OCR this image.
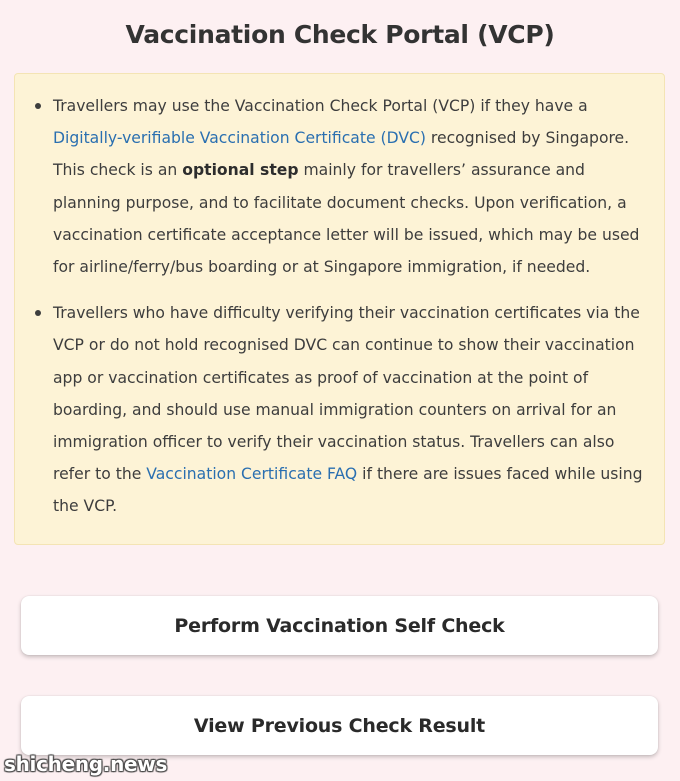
Vaccination Check Portal (VCP)
Travellers may use the Vaccination Check Portal (VCP) if they have a Digitally-verifiable Vaccination Certificate (DVC) recognised by Singapore. This check is an optional step mainly for travellers’ assurance and planning purpose, and to facilitate document checks. Upon verification, a vaccination certificate acceptance letter will be issued, which may be used for airline/ferry/bus boarding or at Singapore immigration, if needed.
Travellers who have difficulty verifying their vaccination certificates via the VCP or do not hold recognised DVC can continue to show their vaccination app or vaccination certificates as proof of vaccination at the point of boarding, and should use manual immigration counters on arrival for an immigration officer to verify their vaccination status. Travellers can also refer to the Vaccination Certificate FAQ if there are issues faced while using the VCP.
Perform Vaccination Self Check
View Previous Check Result
shicheng.news
